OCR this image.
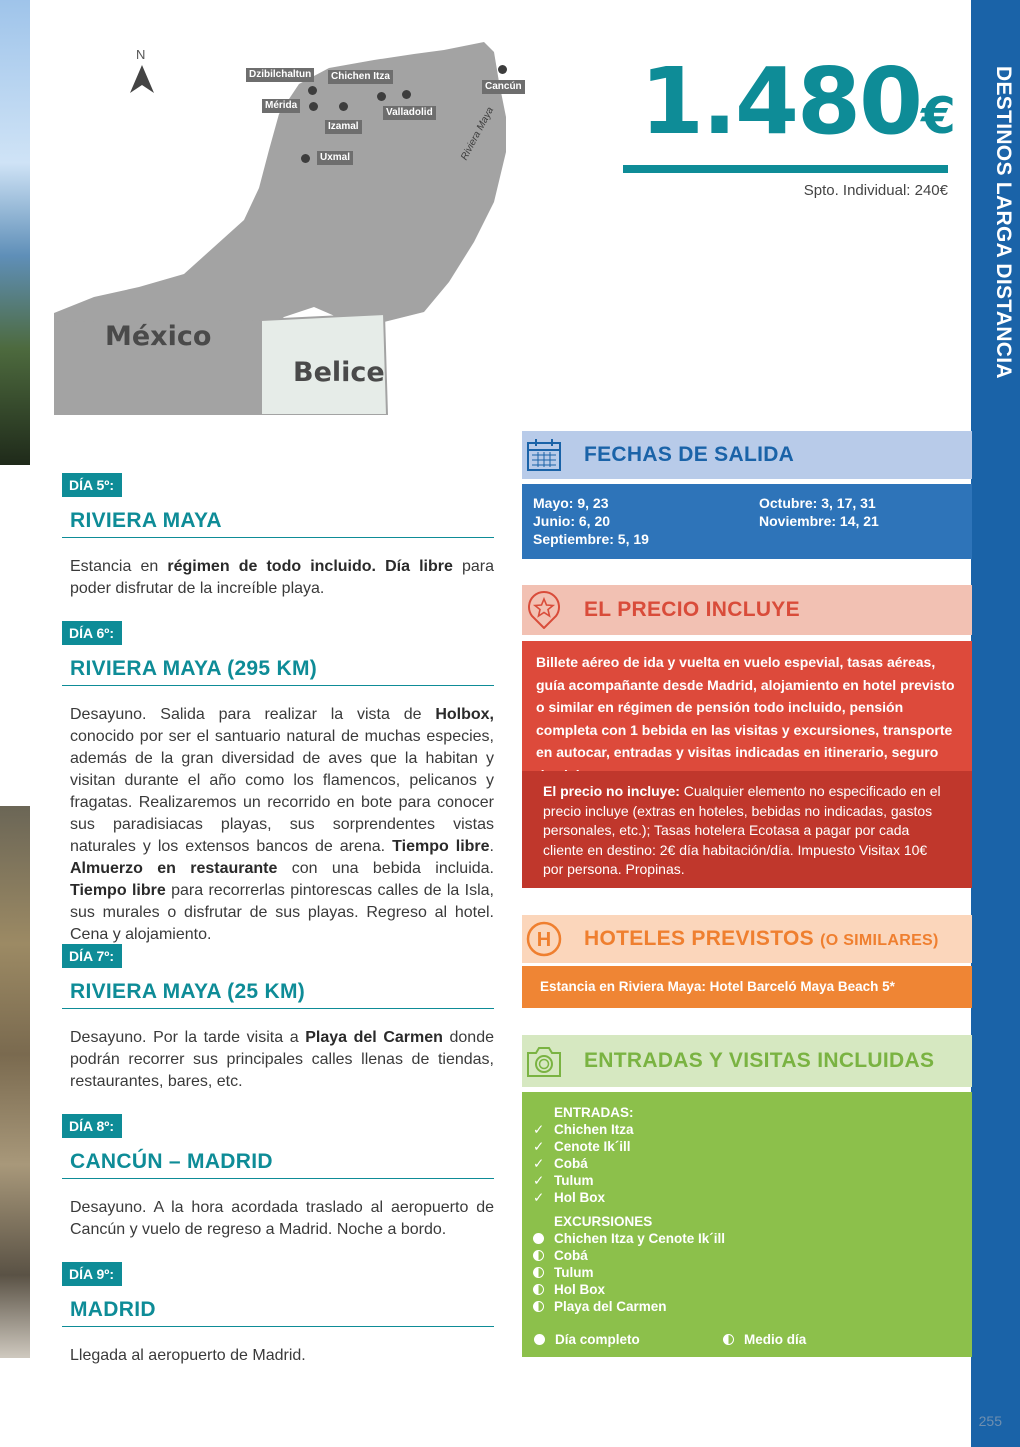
DESTINOS LARGA DISTANCIA
255
Dzibilchaltun	Chichen Itza
Mérida
Izamal
Valladolid
Cancún
Uxmal	Riviera Maya
México
Belice
N	1.480€
Spto. Individual: 240€
DÍA 5º:
RIVIERA MAYA

Estancia en régimen de todo incluido. Día libre para poder disfrutar de la increíble playa.

DÍA 6º:
RIVIERA MAYA (295 KM)

Desayuno. Salida para realizar la vista de Holbox, conocido por ser el santuario natural de muchas especies, además de la gran diversidad de aves que la habitan y visitan durante el año como los flamencos, pelicanos y fragatas. Realizaremos un recorrido en bote para conocer sus paradisiacas playas, sus sorprendentes vistas naturales y los extensos bancos de arena. Tiempo libre. Almuerzo en restaurante con una bebida incluida. Tiempo libre para recorrerlas pintorescas calles de la Isla, sus murales o disfrutar de sus playas. Regreso al hotel. Cena y alojamiento.

DÍA 7º:
RIVIERA MAYA (25 KM)

Desayuno. Por la tarde visita a Playa del Carmen donde podrán recorrer sus principales calles llenas de tiendas, restaurantes, bares, etc.

DÍA 8º:
CANCÚN – MADRID

Desayuno. A la hora acordada traslado al aeropuerto de Cancún y vuelo de regreso a Madrid. Noche a bordo.

DÍA 9º:
MADRID

Llegada al aeropuerto de Madrid.

FECHAS DE SALIDA
Mayo: 9, 23
Junio: 6, 20
Septiembre: 5, 19
Octubre: 3, 17, 31
Noviembre: 14, 21
EL PRECIO INCLUYE
Billete aéreo de ida y vuelta en vuelo espevial, tasas aéreas, guía acompañante desde Madrid, alojamiento en hotel previsto o similar en régimen de pensión todo incluido, pensión completa con 1 bebida en las visitas y excursiones, transporte en autocar, entradas y visitas indicadas en itinerario, seguro
El precio no incluye: Cualquier elemento no especificado en el precio incluye (extras en hoteles, bebidas no indicadas, gastos personales, etc.); Tasas hotelera Ecotasa a pagar por cada cliente en destino: 2€ día habitación/día. Impuesto Visitax 10€ por persona. Propinas.
H HOTELES PREVISTOS (O SIMILARES)
Estancia en Riviera Maya: Hotel Barceló Maya Beach 5*
ENTRADAS Y VISITAS INCLUIDAS
ENTRADAS:
✓ Chichen Itza
✓ Cenote Ik´ill
✓ Cobá
✓ Tulum
✓ Hol Box
EXCURSIONES
Chichen Itza y Cenote Ik´ill
Cobá
Tulum
Hol Box
Playa del Carmen
Día completo	Medio día
